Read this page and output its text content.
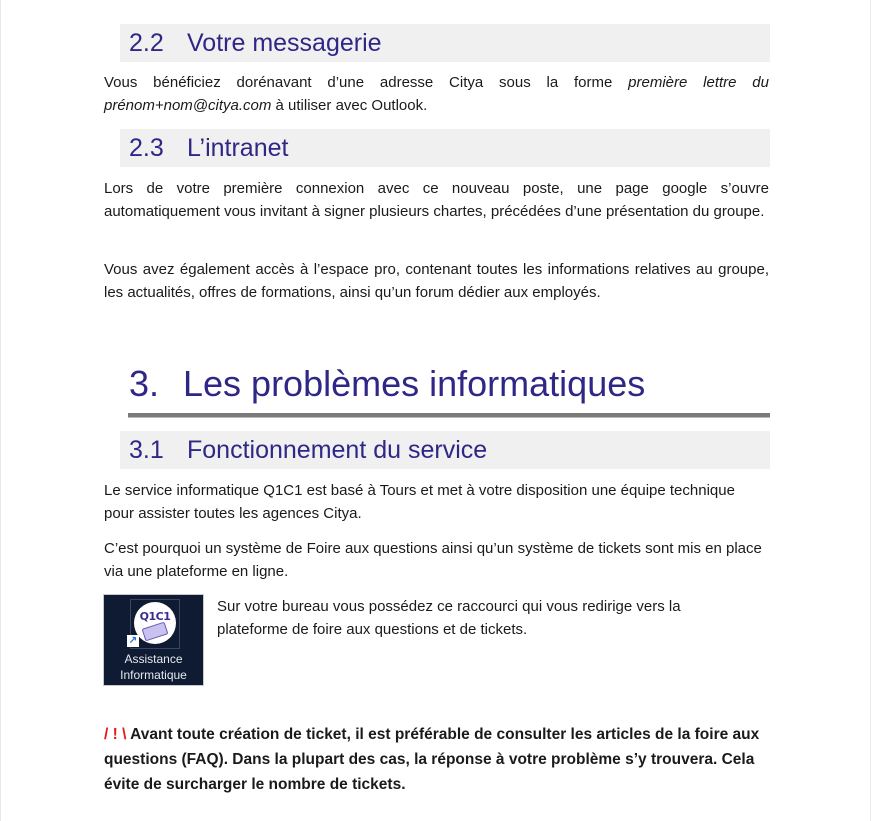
2.2 Votre messagerie

Vous bénéficiez dorénavant d’une adresse Citya sous la forme première lettre du prénom+nom@citya.com à utiliser avec Outlook.

2.3 L’intranet

Lors de votre première connexion avec ce nouveau poste, une page google s’ouvre automatiquement vous invitant à signer plusieurs chartes, précédées d’une présentation du groupe.

Vous avez également accès à l’espace pro, contenant toutes les informations relatives au groupe, les actualités, offres de formations, ainsi qu’un forum dédier aux employés.

3. Les problèmes informatiques
3.1 Fonctionnement du service

Le service informatique Q1C1 est basé à Tours et met à votre disposition une équipe technique pour assister toutes les agences Citya.

C’est pourquoi un système de Foire aux questions ainsi qu’un système de tickets sont mis en place via une plateforme en ligne.

Q1C1
↗
Assistance
Informatique

Sur votre bureau vous possédez ce raccourci qui vous redirige vers la plateforme de foire aux questions et de tickets.

/ ! \ Avant toute création de ticket, il est préférable de consulter les articles de la foire aux questions (FAQ). Dans la plupart des cas, la réponse à votre problème s’y trouvera. Cela évite de surcharger le nombre de tickets.
